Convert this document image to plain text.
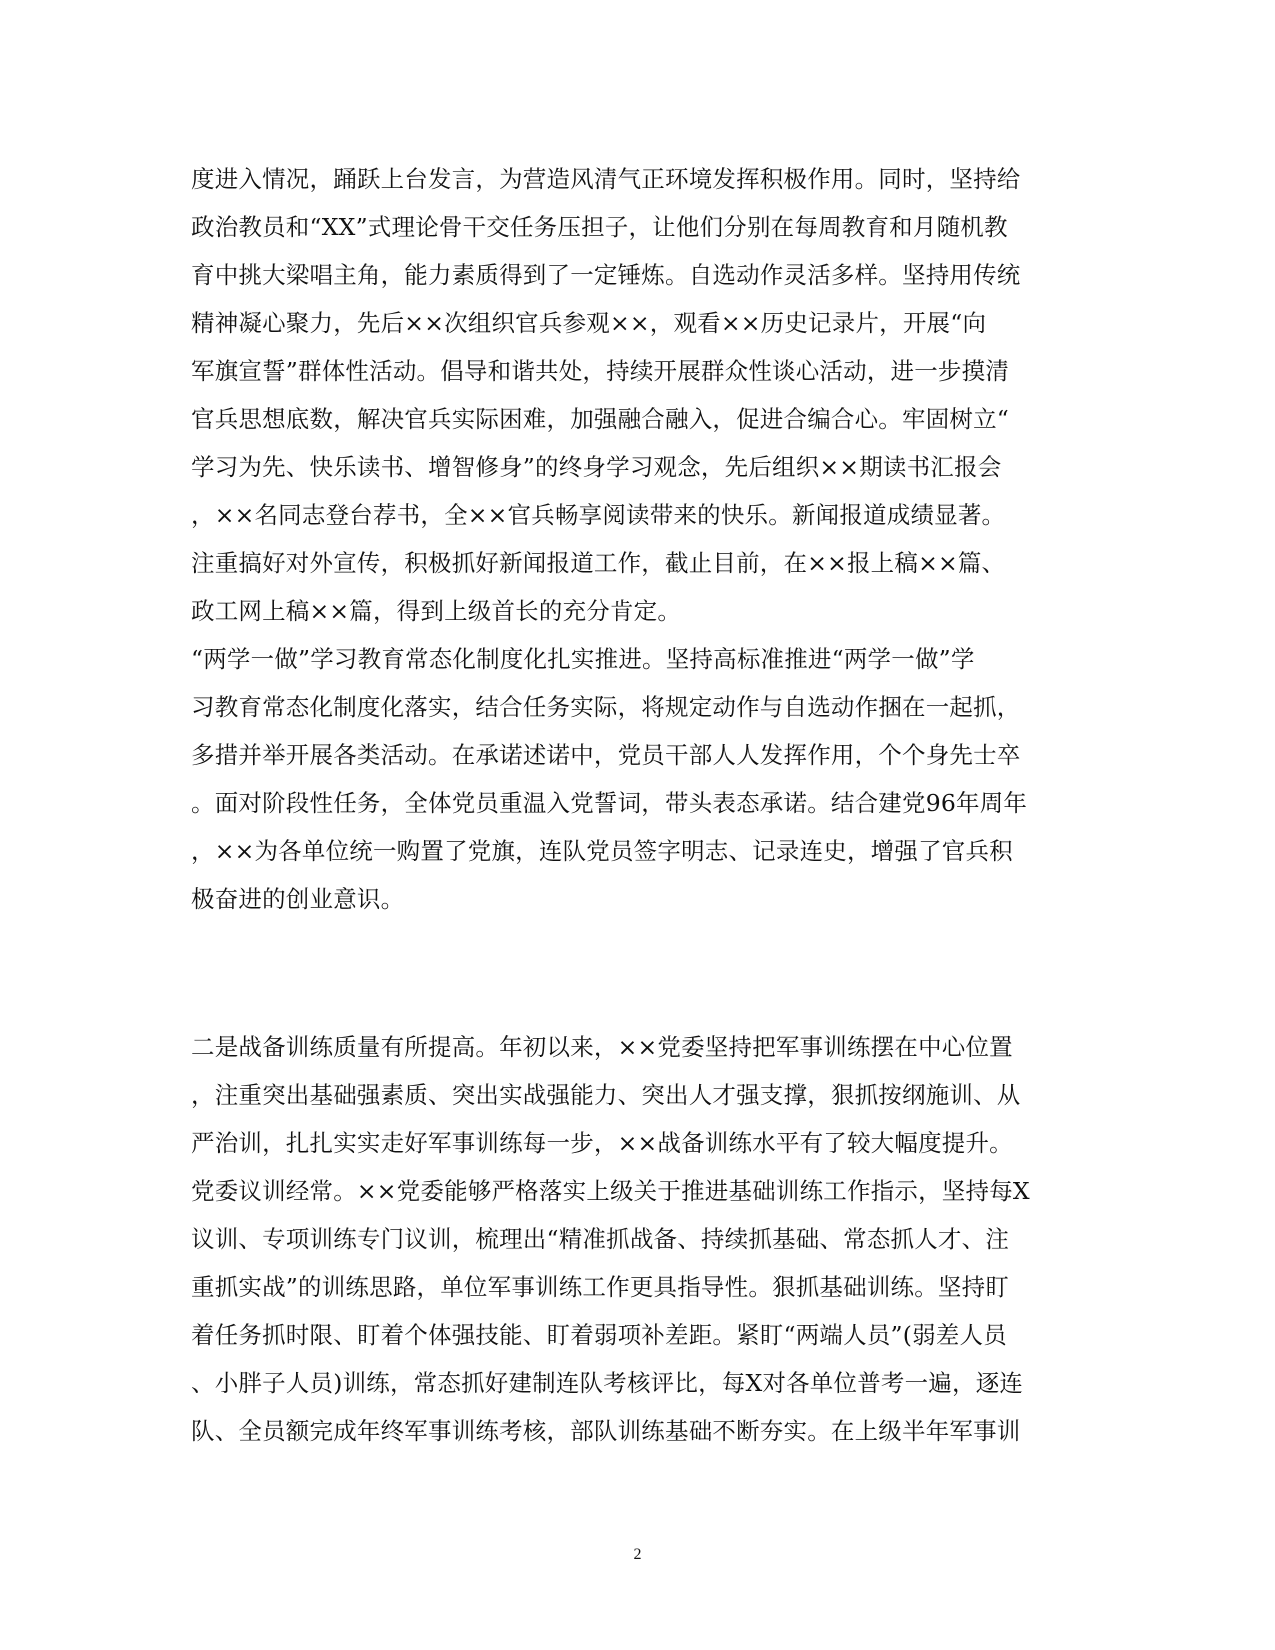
度进入情况，踊跃上台发言，为营造风清气正环境发挥积极作用。同时，坚持给
政治教员和“XX”式理论骨干交任务压担子，让他们分别在每周教育和月随机教
育中挑大梁唱主角，能力素质得到了一定锤炼。自选动作灵活多样。坚持用传统
精神凝心聚力，先后××次组织官兵参观××，观看××历史记录片，开展“向
军旗宣誓”群体性活动。倡导和谐共处，持续开展群众性谈心活动，进一步摸清
官兵思想底数，解决官兵实际困难，加强融合融入，促进合编合心。牢固树立“
学习为先、快乐读书、增智修身”的终身学习观念，先后组织××期读书汇报会
，××名同志登台荐书，全××官兵畅享阅读带来的快乐。新闻报道成绩显著。
注重搞好对外宣传，积极抓好新闻报道工作，截止目前，在××报上稿××篇、
政工网上稿××篇，得到上级首长的充分肯定。
“两学一做”学习教育常态化制度化扎实推进。坚持高标准推进“两学一做”学
习教育常态化制度化落实，结合任务实际，将规定动作与自选动作捆在一起抓，
多措并举开展各类活动。在承诺述诺中，党员干部人人发挥作用，个个身先士卒
。面对阶段性任务，全体党员重温入党誓词，带头表态承诺。结合建党96年周年
，××为各单位统一购置了党旗，连队党员签字明志、记录连史，增强了官兵积
极奋进的创业意识。
二是战备训练质量有所提高。年初以来，××党委坚持把军事训练摆在中心位置
，注重突出基础强素质、突出实战强能力、突出人才强支撑，狠抓按纲施训、从
严治训，扎扎实实走好军事训练每一步，××战备训练水平有了较大幅度提升。
党委议训经常。××党委能够严格落实上级关于推进基础训练工作指示，坚持每X
议训、专项训练专门议训，梳理出“精准抓战备、持续抓基础、常态抓人才、注
重抓实战”的训练思路，单位军事训练工作更具指导性。狠抓基础训练。坚持盯
着任务抓时限、盯着个体强技能、盯着弱项补差距。紧盯“两端人员”(弱差人员
、小胖子人员)训练，常态抓好建制连队考核评比，每X对各单位普考一遍，逐连
队、全员额完成年终军事训练考核，部队训练基础不断夯实。在上级半年军事训
2
